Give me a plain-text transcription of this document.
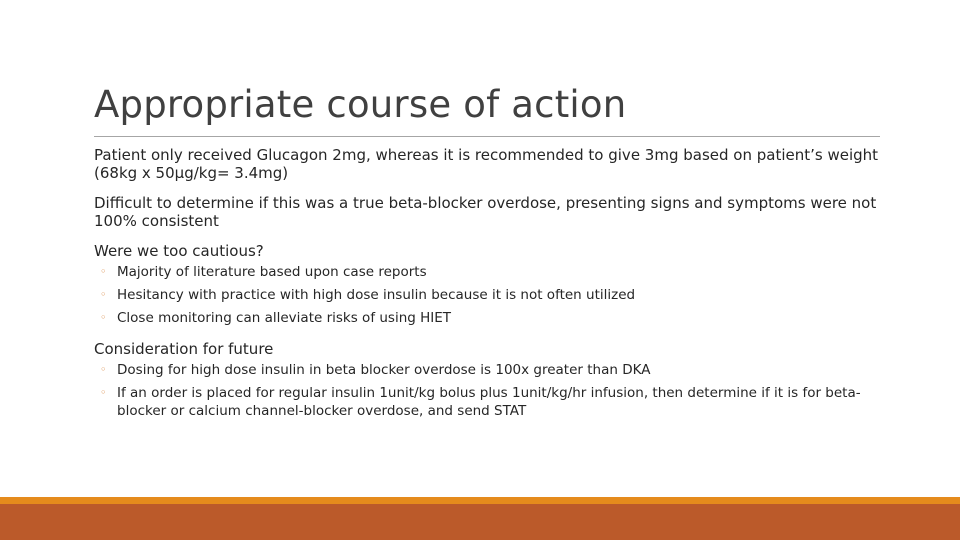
Appropriate course of action

Patient only received Glucagon 2mg, whereas it is recommended to give 3mg based on patient’s weight (68kg x 50µg/kg= 3.4mg)

Difficult to determine if this was a true beta-blocker overdose, presenting signs and symptoms were not 100% consistent

Were we too cautious?

◦ Majority of literature based upon case reports
◦ Hesitancy with practice with high dose insulin because it is not often utilized
◦ Close monitoring can alleviate risks of using HIET

Consideration for future

◦ Dosing for high dose insulin in beta blocker overdose is 100x greater than DKA
◦ If an order is placed for regular insulin 1unit/kg bolus plus 1unit/kg/hr infusion, then determine if it is for beta-blocker or calcium channel-blocker overdose, and send STAT
